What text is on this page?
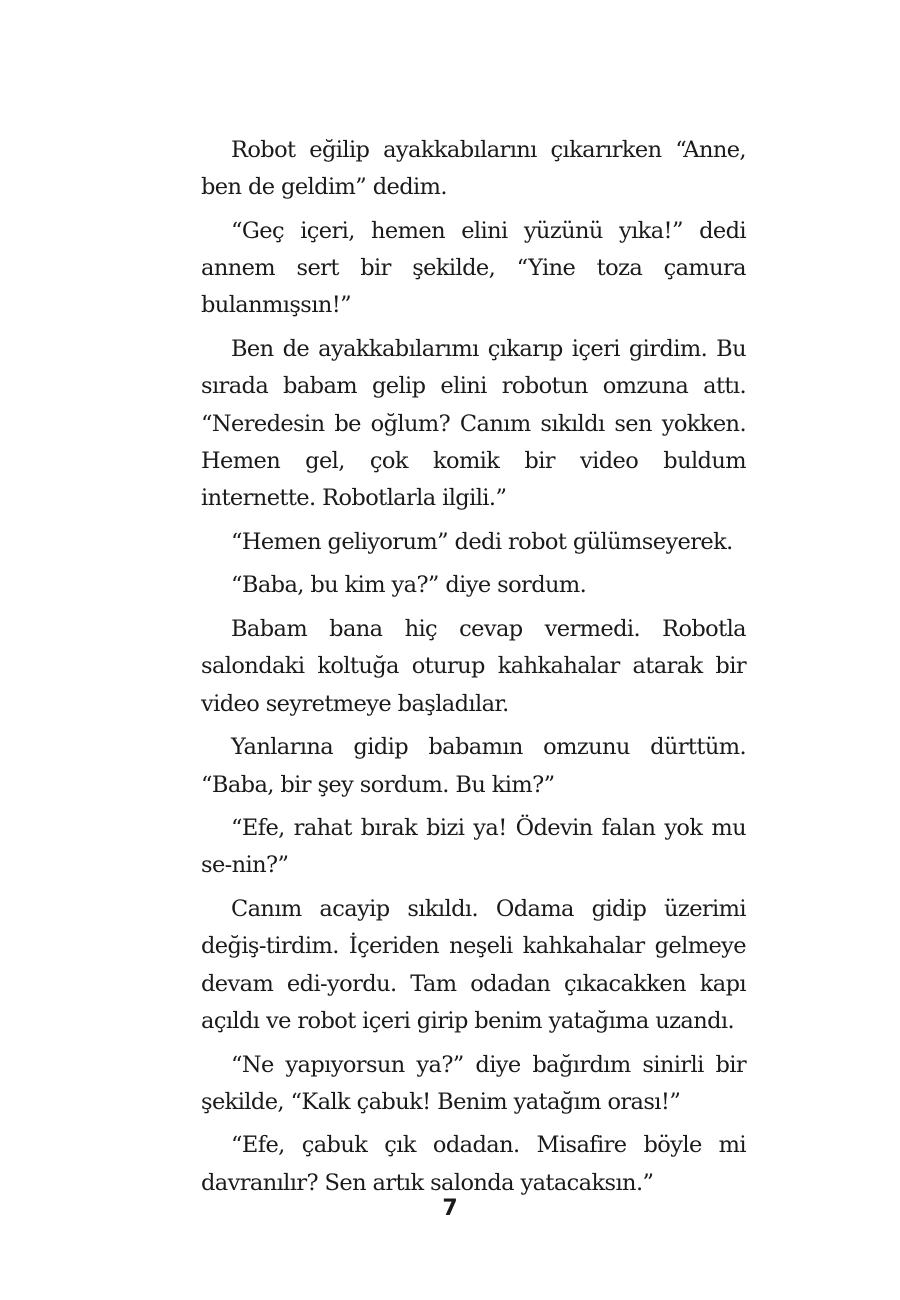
Robot eğilip ayakkabılarını çıkarırken “Anne, ben de geldim” dedim.

“Geç içeri, hemen elini yüzünü yıka!” dedi annem sert bir şekilde, “Yine toza çamura bulanmışsın!”

Ben de ayakkabılarımı çıkarıp içeri girdim. Bu sırada babam gelip elini robotun omzuna attı. “Neredesin be oğlum? Canım sıkıldı sen yokken. Hemen gel, çok komik bir video buldum internette. Robotlarla ilgili.”

“Hemen geliyorum” dedi robot gülümseyerek.

“Baba, bu kim ya?” diye sordum.

Babam bana hiç cevap vermedi. Robotla salondaki koltuğa oturup kahkahalar atarak bir video seyretmeye başladılar.

Yanlarına gidip babamın omzunu dürttüm. “Baba, bir şey sordum. Bu kim?”

“Efe, rahat bırak bizi ya! Ödevin falan yok mu se-nin?”

Canım acayip sıkıldı. Odama gidip üzerimi değiş-tirdim. İçeriden neşeli kahkahalar gelmeye devam edi-yordu. Tam odadan çıkacakken kapı açıldı ve robot içeri girip benim yatağıma uzandı.

“Ne yapıyorsun ya?” diye bağırdım sinirli bir şekilde, “Kalk çabuk! Benim yatağım orası!”

“Efe, çabuk çık odadan. Misafire böyle mi davranılır? Sen artık salonda yatacaksın.”

7
